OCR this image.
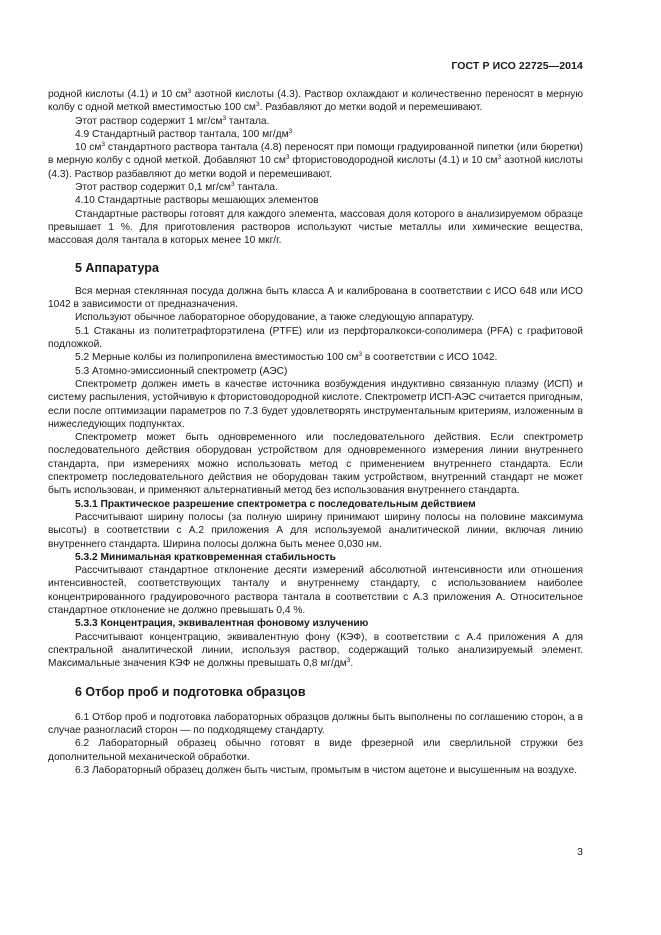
ГОСТ Р ИСО 22725—2014

родной кислоты (4.1) и 10 $см^3$ азотной кислоты (4.3). Раствор охлаждают и количественно переносят в мерную колбу с одной меткой вместимостью 100 $см^3$. Разбавляют до метки водой и перемешивают.

Этот раствор содержит 1 $мг/см^3$ тантала.

4.9 Стандартный раствор тантала, 100 $мг/дм^3$

10 $см^3$ стандартного раствора тантала (4.8) переносят при помощи градуированной пипетки (или бюретки) в мерную колбу с одной меткой. Добавляют 10 $см^3$ фтористоводородной кислоты (4.1) и 10 $см^3$ азотной кислоты (4.3). Раствор разбавляют до метки водой и перемешивают.

Этот раствор содержит 0,1 $мг/см^3$ тантала.

4.10 Стандартные растворы мешающих элементов

Стандартные растворы готовят для каждого элемента, массовая доля которого в анализируемом образце превышает 1 %. Для приготовления растворов используют чистые металлы или химические вещества, массовая доля тантала в которых менее 10 мкг/г.

5 Аппаратура

Вся мерная стеклянная посуда должна быть класса А и калибрована в соответствии с ИСО 648 или ИСО 1042 в зависимости от предназначения.

Используют обычное лабораторное оборудование, а также следующую аппаратуру.

5.1 Стаканы из политетрафторэтилена (PTFE) или из перфторалкокси-сополимера (PFA) с графитовой подложкой.

5.2 Мерные колбы из полипропилена вместимостью 100 $см^3$ в соответствии с ИСО 1042.

5.3 Атомно-эмиссионный спектрометр (АЭС)

Спектрометр должен иметь в качестве источника возбуждения индуктивно связанную плазму (ИСП) и систему распыления, устойчивую к фтористоводородной кислоте. Спектрометр ИСП-АЭС считается пригодным, если после оптимизации параметров по 7.3 будет удовлетворять инструментальным критериям, изложенным в нижеследующих подпунктах.

Спектрометр может быть одновременного или последовательного действия. Если спектрометр последовательного действия оборудован устройством для одновременного измерения линии внутреннего стандарта, при измерениях можно использовать метод с применением внутреннего стандарта. Если спектрометр последовательного действия не оборудован таким устройством, внутренний стандарт не может быть использован, и применяют альтернативный метод без использования внутреннего стандарта.

5.3.1 Практическое разрешение спектрометра с последовательным действием

Рассчитывают ширину полосы (за полную ширину принимают ширину полосы на половине максимума высоты) в соответствии с А.2 приложения А для используемой аналитической линии, включая линию внутреннего стандарта. Ширина полосы должна быть менее 0,030 нм.

5.3.2 Минимальная кратковременная стабильность

Рассчитывают стандартное отклонение десяти измерений абсолютной интенсивности или отношения интенсивностей, соответствующих танталу и внутреннему стандарту, с использованием наиболее концентрированного градуировочного раствора тантала в соответствии с А.3 приложения А. Относительное стандартное отклонение не должно превышать 0,4 %.

5.3.3 Концентрация, эквивалентная фоновому излучению

Рассчитывают концентрацию, эквивалентную фону (КЭФ), в соответствии с А.4 приложения А для спектральной аналитической линии, используя раствор, содержащий только анализируемый элемент. Максимальные значения КЭФ не должны превышать 0,8 $мг/дм^3$.

6 Отбор проб и подготовка образцов

6.1 Отбор проб и подготовка лабораторных образцов должны быть выполнены по соглашению сторон, а в случае разногласий сторон — по подходящему стандарту.

6.2 Лабораторный образец обычно готовят в виде фрезерной или сверлильной стружки без дополнительной механической обработки.

6.3 Лабораторный образец должен быть чистым, промытым в чистом ацетоне и высушенным на воздухе.

3
